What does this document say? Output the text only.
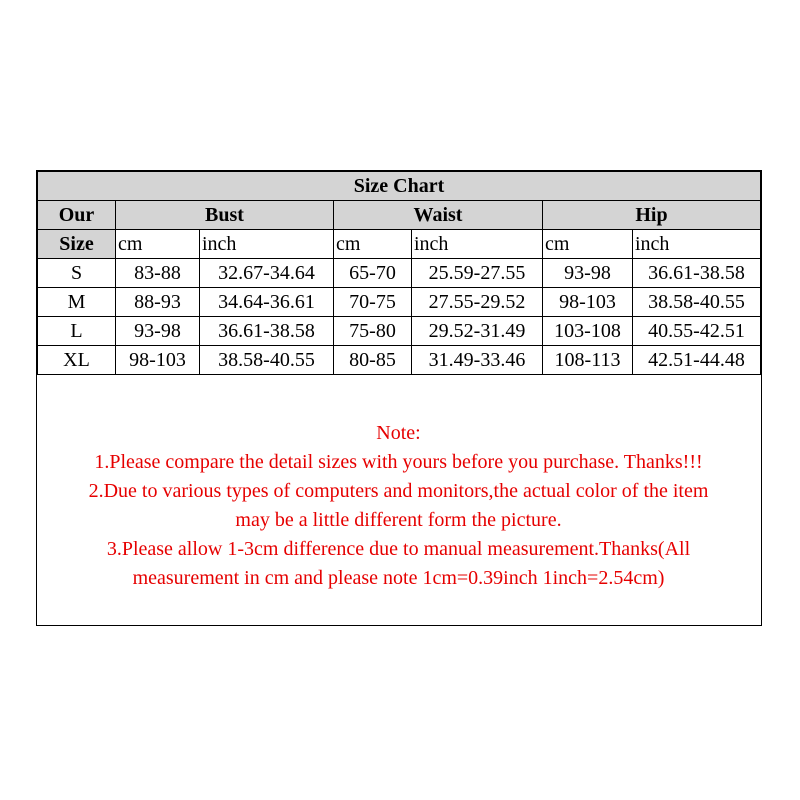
Size Chart						
Our	Bust		Waist		Hip	
Size	cm	inch	cm	inch	cm	inch
S	83-88	32.67-34.64	65-70	25.59-27.55	93-98	36.61-38.58
M	88-93	34.64-36.61	70-75	27.55-29.52	98-103	38.58-40.55
L	93-98	36.61-38.58	75-80	29.52-31.49	103-108	40.55-42.51
XL	98-103	38.58-40.55	80-85	31.49-33.46	108-113	42.51-44.48
Note:
1.Please compare the detail sizes with yours before you purchase. Thanks!!!
2.Due to various types of computers and monitors,the actual color of the item
may be a little different form the picture.
3.Please allow 1-3cm difference due to manual measurement.Thanks(All
measurement in cm and please note 1cm=0.39inch 1inch=2.54cm)
